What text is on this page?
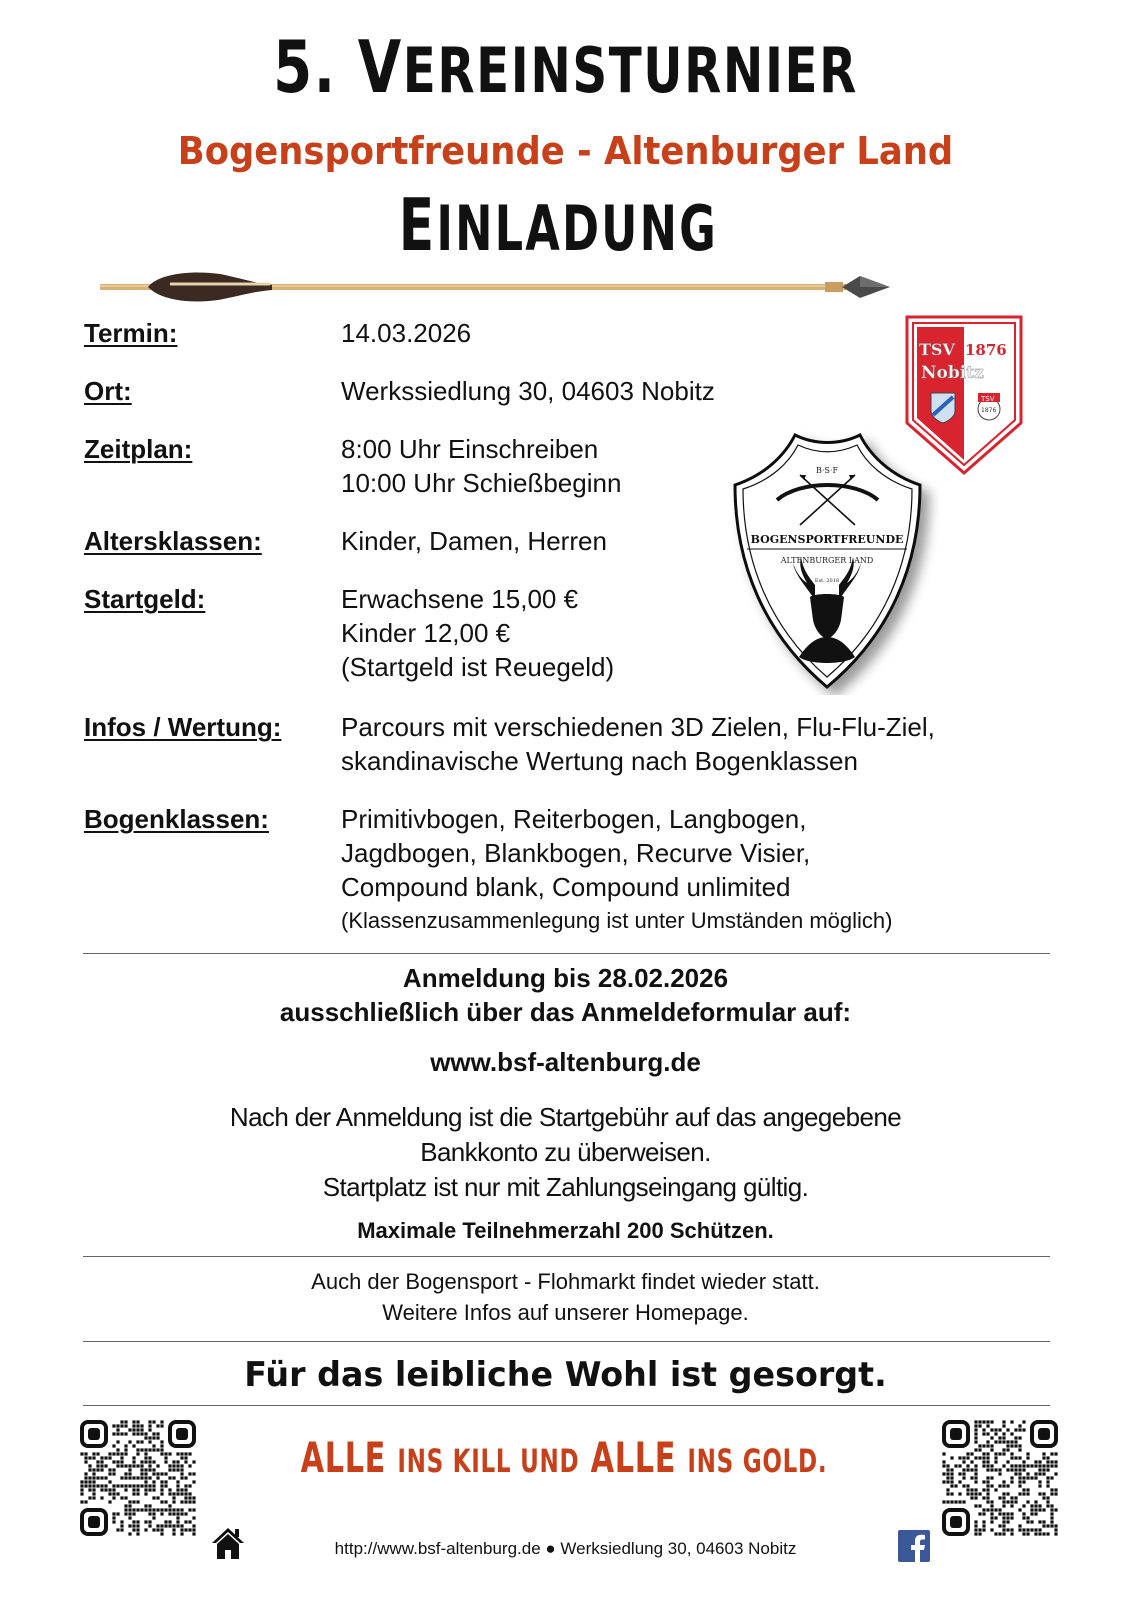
5. VEREINSTURNIER
Bogensportfreunde - Altenburger Land
EINLADUNG
Termin:	14.03.2026
Ort:	Werkssiedlung 30, 04603 Nobitz
Zeitplan:	8:00 Uhr Einschreiben
10:00 Uhr Schießbeginn
Altersklassen:	Kinder, Damen, Herren
Startgeld:	Erwachsene 15,00 €
Kinder 12,00 €
(Startgeld ist Reuegeld)
Infos / Wertung: Parcours mit verschiedenen 3D Zielen, Flu-Flu-Ziel,
skandinavische Wertung nach Bogenklassen
Bogenklassen:	Primitivbogen, Reiterbogen, Langbogen,
Jagdbogen, Blankbogen, Recurve Visier,
Compound blank, Compound unlimited
(Klassenzusammenlegung ist unter Umständen möglich)
TSV 1876
Nobitz
TSV
1876
B·S·F
BOGENSPORTFREUNDE
ALTENBURGER LAND
Est. 2018
Anmeldung bis 28.02.2026
ausschließlich über das Anmeldeformular auf:
www.bsf-altenburg.de
Nach der Anmeldung ist die Startgebühr auf das angegebene
Bankkonto zu überweisen.
Startplatz ist nur mit Zahlungseingang gültig.
Maximale Teilnehmerzahl 200 Schützen.
Auch der Bogensport - Flohmarkt findet wieder statt.
Weitere Infos auf unserer Homepage.
Für das leibliche Wohl ist gesorgt.
ALLE INS KILL UND ALLE INS GOLD.
http://www.bsf-altenburg.de ● Werksiedlung 30, 04603 Nobitz
